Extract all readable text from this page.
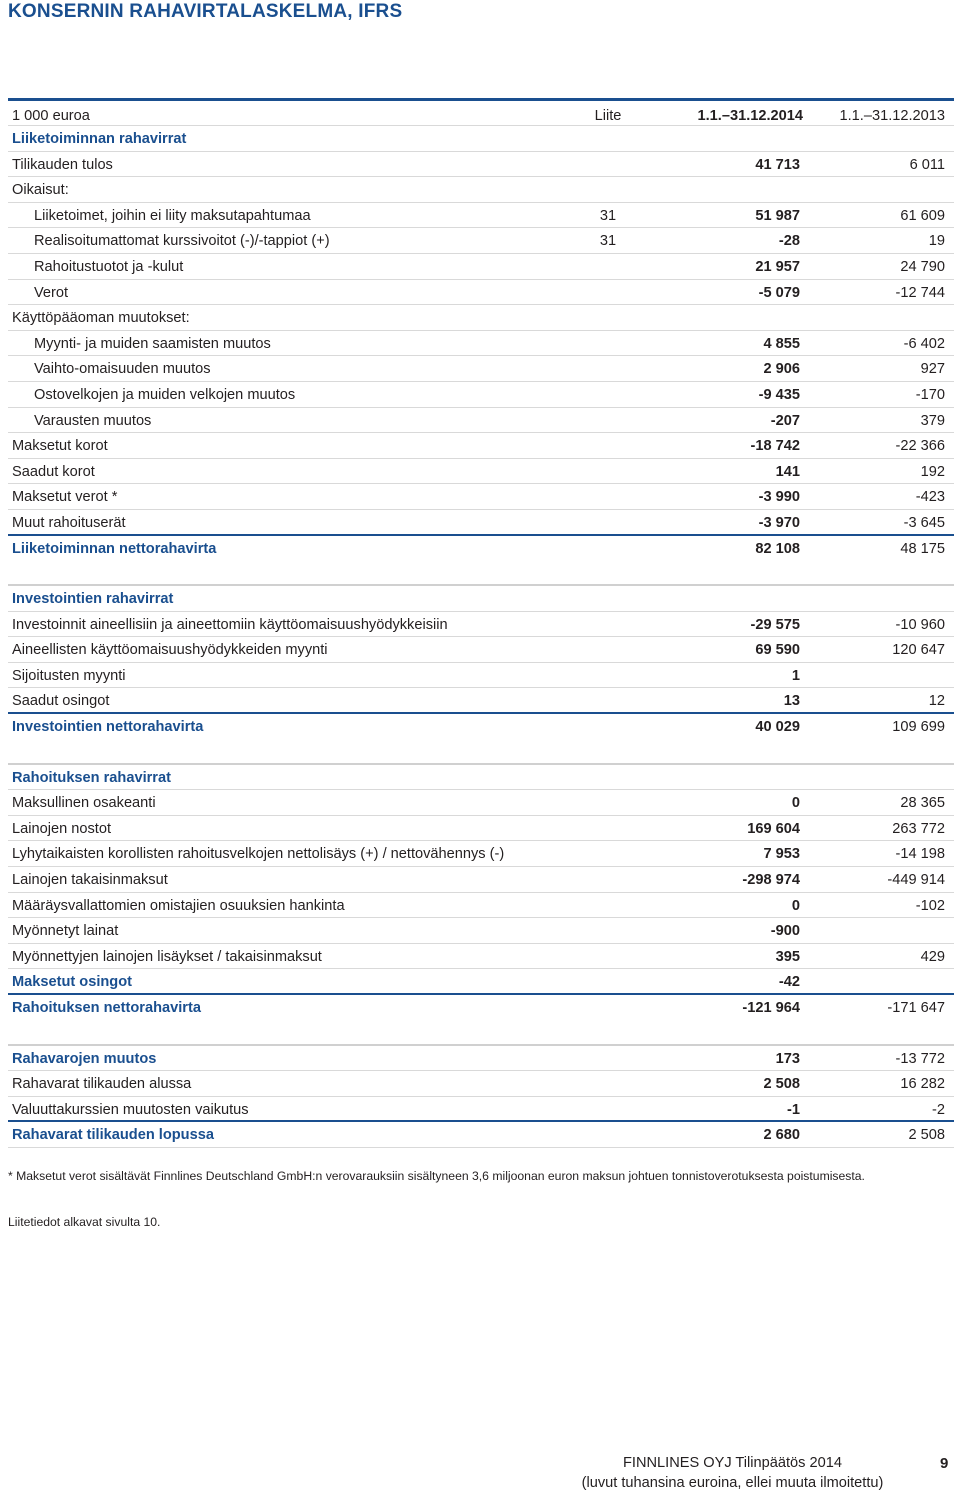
KONSERNIN RAHAVIRTALASKELMA, IFRS
1 000 euroa	Liite	1.1.–31.12.2014	1.1.–31.12.2013
Liiketoiminnan rahavirrat
Tilikauden tulos	41 713	6 011
Oikaisut:
Liiketoimet, joihin ei liity maksutapahtumaa	31	51 987	61 609
Realisoitumattomat kurssivoitot (-)/-tappiot (+)	31	-28	19
Rahoitustuotot ja -kulut	21 957	24 790
Verot	-5 079	-12 744
Käyttöpääoman muutokset:
Myynti- ja muiden saamisten muutos	4 855	-6 402
Vaihto-omaisuuden muutos	2 906	927
Ostovelkojen ja muiden velkojen muutos	-9 435	-170
Varausten muutos	-207	379
Maksetut korot	-18 742	-22 366
Saadut korot	141	192
Maksetut verot *	-3 990	-423
Muut rahoituserät	-3 970	-3 645
Liiketoiminnan nettorahavirta	82 108	48 175
Investointien rahavirrat
Investoinnit aineellisiin ja aineettomiin käyttöomaisuushyödykkeisiin	-29 575	-10 960
Aineellisten käyttöomaisuushyödykkeiden myynti	69 590	120 647
Sijoitusten myynti	1
Saadut osingot	13	12
Investointien nettorahavirta	40 029	109 699
Rahoituksen rahavirrat
Maksullinen osakeanti	0	28 365
Lainojen nostot	169 604	263 772
Lyhytaikaisten korollisten rahoitusvelkojen nettolisäys (+) / nettovähennys (-)	7 953	-14 198
Lainojen takaisinmaksut	-298 974	-449 914
Määräysvallattomien omistajien osuuksien hankinta	0	-102
Myönnetyt lainat	-900
Myönnettyjen lainojen lisäykset / takaisinmaksut	395	429
Maksetut osingot	-42
Rahoituksen nettorahavirta	-121 964	-171 647
Rahavarojen muutos	173	-13 772
Rahavarat tilikauden alussa	2 508	16 282
Valuuttakurssien muutosten vaikutus	-1	-2
Rahavarat tilikauden lopussa	2 680	2 508
* Maksetut verot sisältävät Finnlines Deutschland GmbH:n verovarauksiin sisältyneen 3,6 miljoonan euron maksun johtuen tonnistoverotuksesta poistumisesta.
Liitetiedot alkavat sivulta 10.
FINNLINES OYJ Tilinpäätös 2014
(luvut tuhansina euroina, ellei muuta ilmoitettu)
9
